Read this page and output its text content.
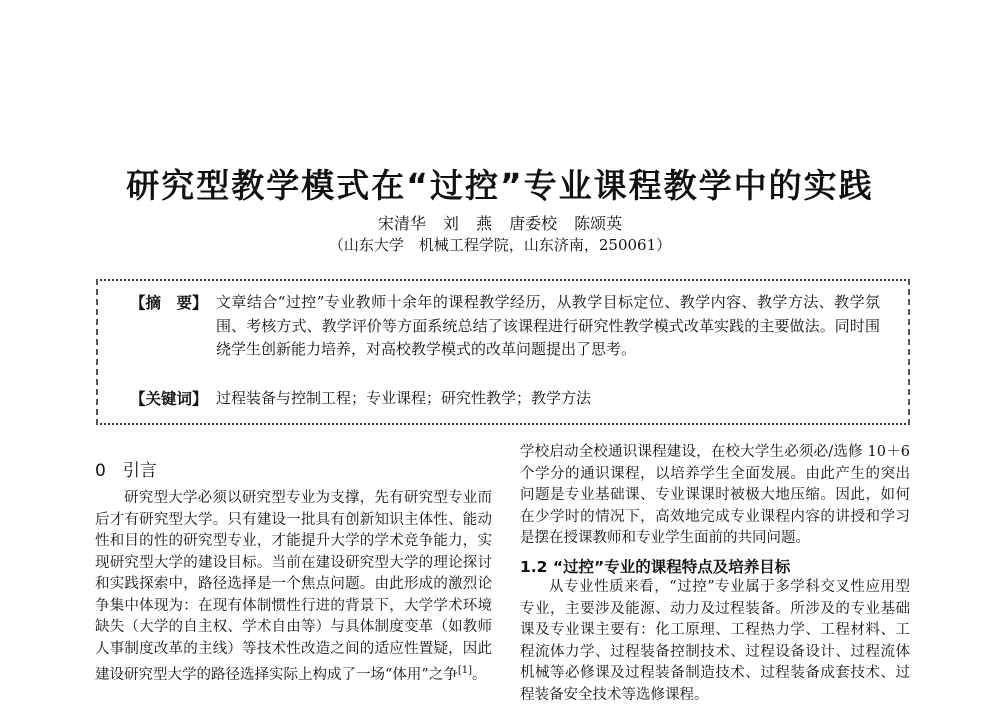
研究型教学模式在“过控”专业课程教学中的实践
宋清华 刘 燕 唐委校 陈颂英
（山东大学　机械工程学院，山东济南，250061）
【摘　要】 文章结合“过控”专业教师十余年的课程教学经历，从教学目标定位、教学内容、教学方法、教学氛围、考核方式、教学评价等方面系统总结了该课程进行研究性教学模式改革实践的主要做法。同时围绕学生创新能力培养，对高校教学模式的改革问题提出了思考。
【关键词】 过程装备与控制工程；专业课程；研究性教学；教学方法
0　引言
研究型大学必须以研究型专业为支撑，先有研究型专业而后才有研究型大学。只有建设一批具有创新知识主体性、能动性和目的性的研究型专业，才能提升大学的学术竞争能力，实现研究型大学的建设目标。当前在建设研究型大学的理论探讨和实践探索中，路径选择是一个焦点问题。由此形成的激烈论争集中体现为：在现有体制惯性行进的背景下，大学学术环境缺失（大学的自主权、学术自由等）与具体制度变革（如教师人事制度改革的主线）等技术性改造之间的适应性置疑，因此建设研究型大学的路径选择实际上构成了一场“体用”之争[1]。
学校启动全校通识课程建设，在校大学生必须必/选修 10＋6 个学分的通识课程，以培养学生全面发展。由此产生的突出问题是专业基础课、专业课课时被极大地压缩。因此，如何在少学时的情况下，高效地完成专业课程内容的讲授和学习是摆在授课教师和专业学生面前的共同问题。
1.2 “过控”专业的课程特点及培养目标
从专业性质来看，“过控”专业属于多学科交叉性应用型专业，主要涉及能源、动力及过程装备。所涉及的专业基础课及专业课主要有：化工原理、工程热力学、工程材料、工程流体力学、过程装备控制技术、过程设备设计、过程流体机械等必修课及过程装备制造技术、过程装备成套技术、过程装备安全技术等选修课程。
